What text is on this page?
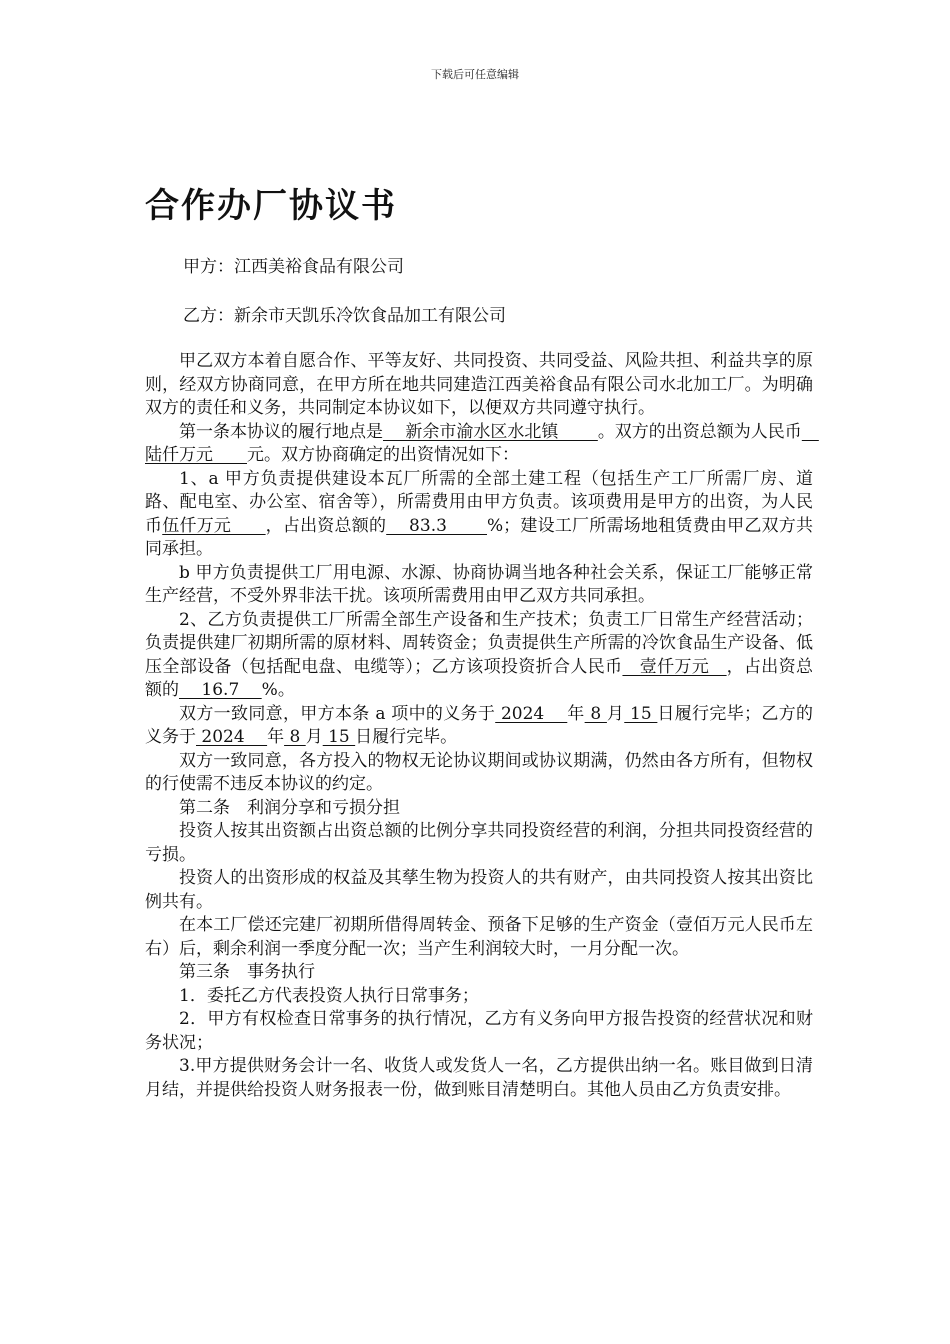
下载后可任意编辑
合作办厂协议书
甲方：江西美裕食品有限公司
乙方：新余市天凯乐冷饮食品加工有限公司

甲乙双方本着自愿合作、平等友好、共同投资、共同受益、风险共担、利益共享的原则，经双方协商同意，在甲方所在地共同建造江西美裕食品有限公司水北加工厂。为明确双方的责任和义务，共同制定本协议如下，以便双方共同遵守执行。

第一条本协议的履行地点是　 新余市渝水区水北镇　　 。双方的出资总额为人民币　陆仟万元　　元。双方协商确定的出资情况如下：

1、a 甲方负责提供建设本瓦厂所需的全部土建工程（包括生产工厂所需厂房、道路、配电室、办公室、宿舍等），所需费用由甲方负责。该项费用是甲方的出资，为人民币伍仟万元　　，占出资总额的　 83.3 　　%；建设工厂所需场地租赁费由甲乙双方共同承担。

b 甲方负责提供工厂用电源、水源、协商协调当地各种社会关系，保证工厂能够正常生产经营，不受外界非法干扰。该项所需费用由甲乙双方共同承担。

2、乙方负责提供工厂所需全部生产设备和生产技术；负责工厂日常生产经营活动；负责提供建厂初期所需的原材料、周转资金；负责提供生产所需的冷饮食品生产设备、低压全部设备（包括配电盘、电缆等）；乙方该项投资折合人民币　壹仟万元　，占出资总额的　 16.7 　%。

双方一致同意，甲方本条 a 项中的义务于 2024 　年 8 月 15 日履行完毕；乙方的义务于 2024 　年 8 月 15 日履行完毕。

双方一致同意，各方投入的物权无论协议期间或协议期满，仍然由各方所有，但物权的行使需不违反本协议的约定。

第二条　利润分享和亏损分担

投资人按其出资额占出资总额的比例分享共同投资经营的利润，分担共同投资经营的亏损。

投资人的出资形成的权益及其孳生物为投资人的共有财产，由共同投资人按其出资比例共有。

在本工厂偿还完建厂初期所借得周转金、预备下足够的生产资金（壹佰万元人民币左右）后，剩余利润一季度分配一次；当产生利润较大时，一月分配一次。

第三条　事务执行

1．委托乙方代表投资人执行日常事务；

2．甲方有权检查日常事务的执行情况，乙方有义务向甲方报告投资的经营状况和财务状况；

3.甲方提供财务会计一名、收货人或发货人一名，乙方提供出纳一名。账目做到日清月结，并提供给投资人财务报表一份，做到账目清楚明白。其他人员由乙方负责安排。
